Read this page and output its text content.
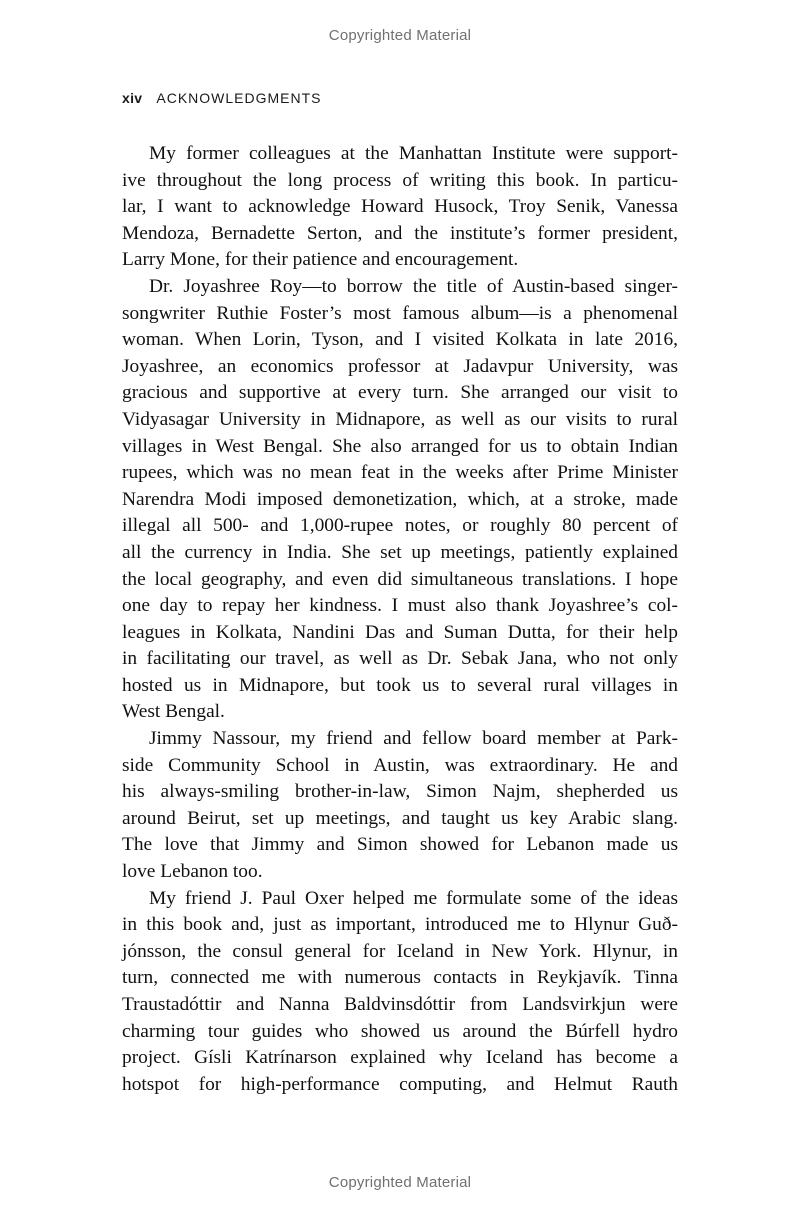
Copyrighted Material
xiv ACKNOWLEDGMENTS
My former colleagues at the Manhattan Institute were support-
ive throughout the long process of writing this book. In particu-
lar, I want to acknowledge Howard Husock, Troy Senik, Vanessa
Mendoza, Bernadette Serton, and the institute’s former president,
Larry Mone, for their patience and encouragement.
Dr. Joyashree Roy—to borrow the title of Austin-based singer-
songwriter Ruthie Foster’s most famous album—is a phenomenal
woman. When Lorin, Tyson, and I visited Kolkata in late 2016,
Joyashree, an economics professor at Jadavpur University, was
gracious and supportive at every turn. She arranged our visit to
Vidyasagar University in Midnapore, as well as our visits to rural
villages in West Bengal. She also arranged for us to obtain Indian
rupees, which was no mean feat in the weeks after Prime Minister
Narendra Modi imposed demonetization, which, at a stroke, made
illegal all 500- and 1,000-rupee notes, or roughly 80 percent of
all the currency in India. She set up meetings, patiently explained
the local geography, and even did simultaneous translations. I hope
one day to repay her kindness. I must also thank Joyashree’s col-
leagues in Kolkata, Nandini Das and Suman Dutta, for their help
in facilitating our travel, as well as Dr. Sebak Jana, who not only
hosted us in Midnapore, but took us to several rural villages in
West Bengal.
Jimmy Nassour, my friend and fellow board member at Park-
side Community School in Austin, was extraordinary. He and
his always-smiling brother-in-law, Simon Najm, shepherded us
around Beirut, set up meetings, and taught us key Arabic slang.
The love that Jimmy and Simon showed for Lebanon made us
love Lebanon too.
My friend J. Paul Oxer helped me formulate some of the ideas
in this book and, just as important, introduced me to Hlynur Guð-
jónsson, the consul general for Iceland in New York. Hlynur, in
turn, connected me with numerous contacts in Reykjavík. Tinna
Traustadóttir and Nanna Baldvinsdóttir from Landsvirkjun were
charming tour guides who showed us around the Búrfell hydro
project. Gísli Katrínarson explained why Iceland has become a
hotspot for high-performance computing, and Helmut Rauth
Copyrighted Material
